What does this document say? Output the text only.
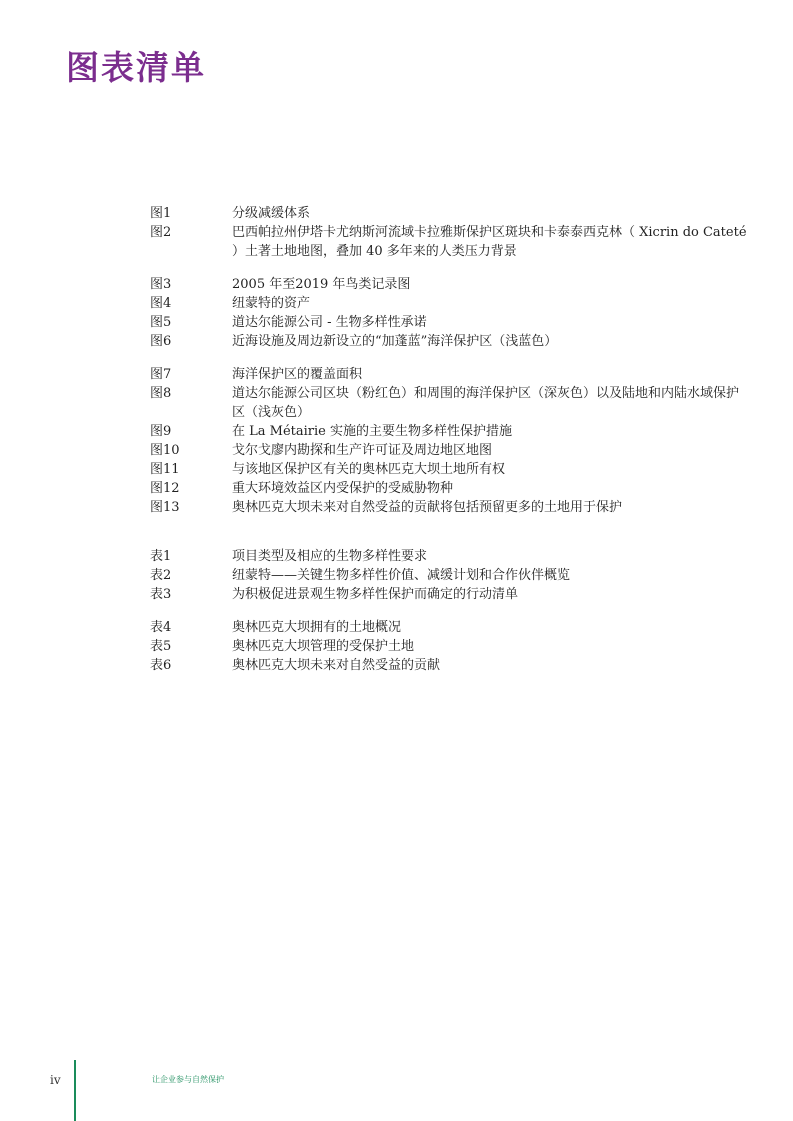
图表清单
图1	分级减缓体系
图2	巴西帕拉州伊塔卡尤纳斯河流域卡拉雅斯保护区斑块和卡泰泰西克林（ Xicrin do Cateté ）土著土地地图，叠加 40 多年来的人类压力背景
图3	2005 年至2019 年鸟类记录图
图4	纽蒙特的资产
图5	道达尔能源公司 - 生物多样性承诺
图6	近海设施及周边新设立的“加蓬蓝”海洋保护区（浅蓝色）
图7	海洋保护区的覆盖面积
图8	道达尔能源公司区块（粉红色）和周围的海洋保护区（深灰色）以及陆地和内陆水域保护区（浅灰色）
图9	在 La Métairie 实施的主要生物多样性保护措施
图10	戈尔戈廖内勘探和生产许可证及周边地区地图
图11	与该地区保护区有关的奥林匹克大坝土地所有权
图12	重大环境效益区内受保护的受威胁物种
图13	奥林匹克大坝未来对自然受益的贡献将包括预留更多的土地用于保护
表1	项目类型及相应的生物多样性要求
表2	纽蒙特——关键生物多样性价值、减缓计划和合作伙伴概览
表3	为积极促进景观生物多样性保护而确定的行动清单
表4	奥林匹克大坝拥有的土地概况
表5	奥林匹克大坝管理的受保护土地
表6	奥林匹克大坝未来对自然受益的贡献
iv	让企业参与自然保护
